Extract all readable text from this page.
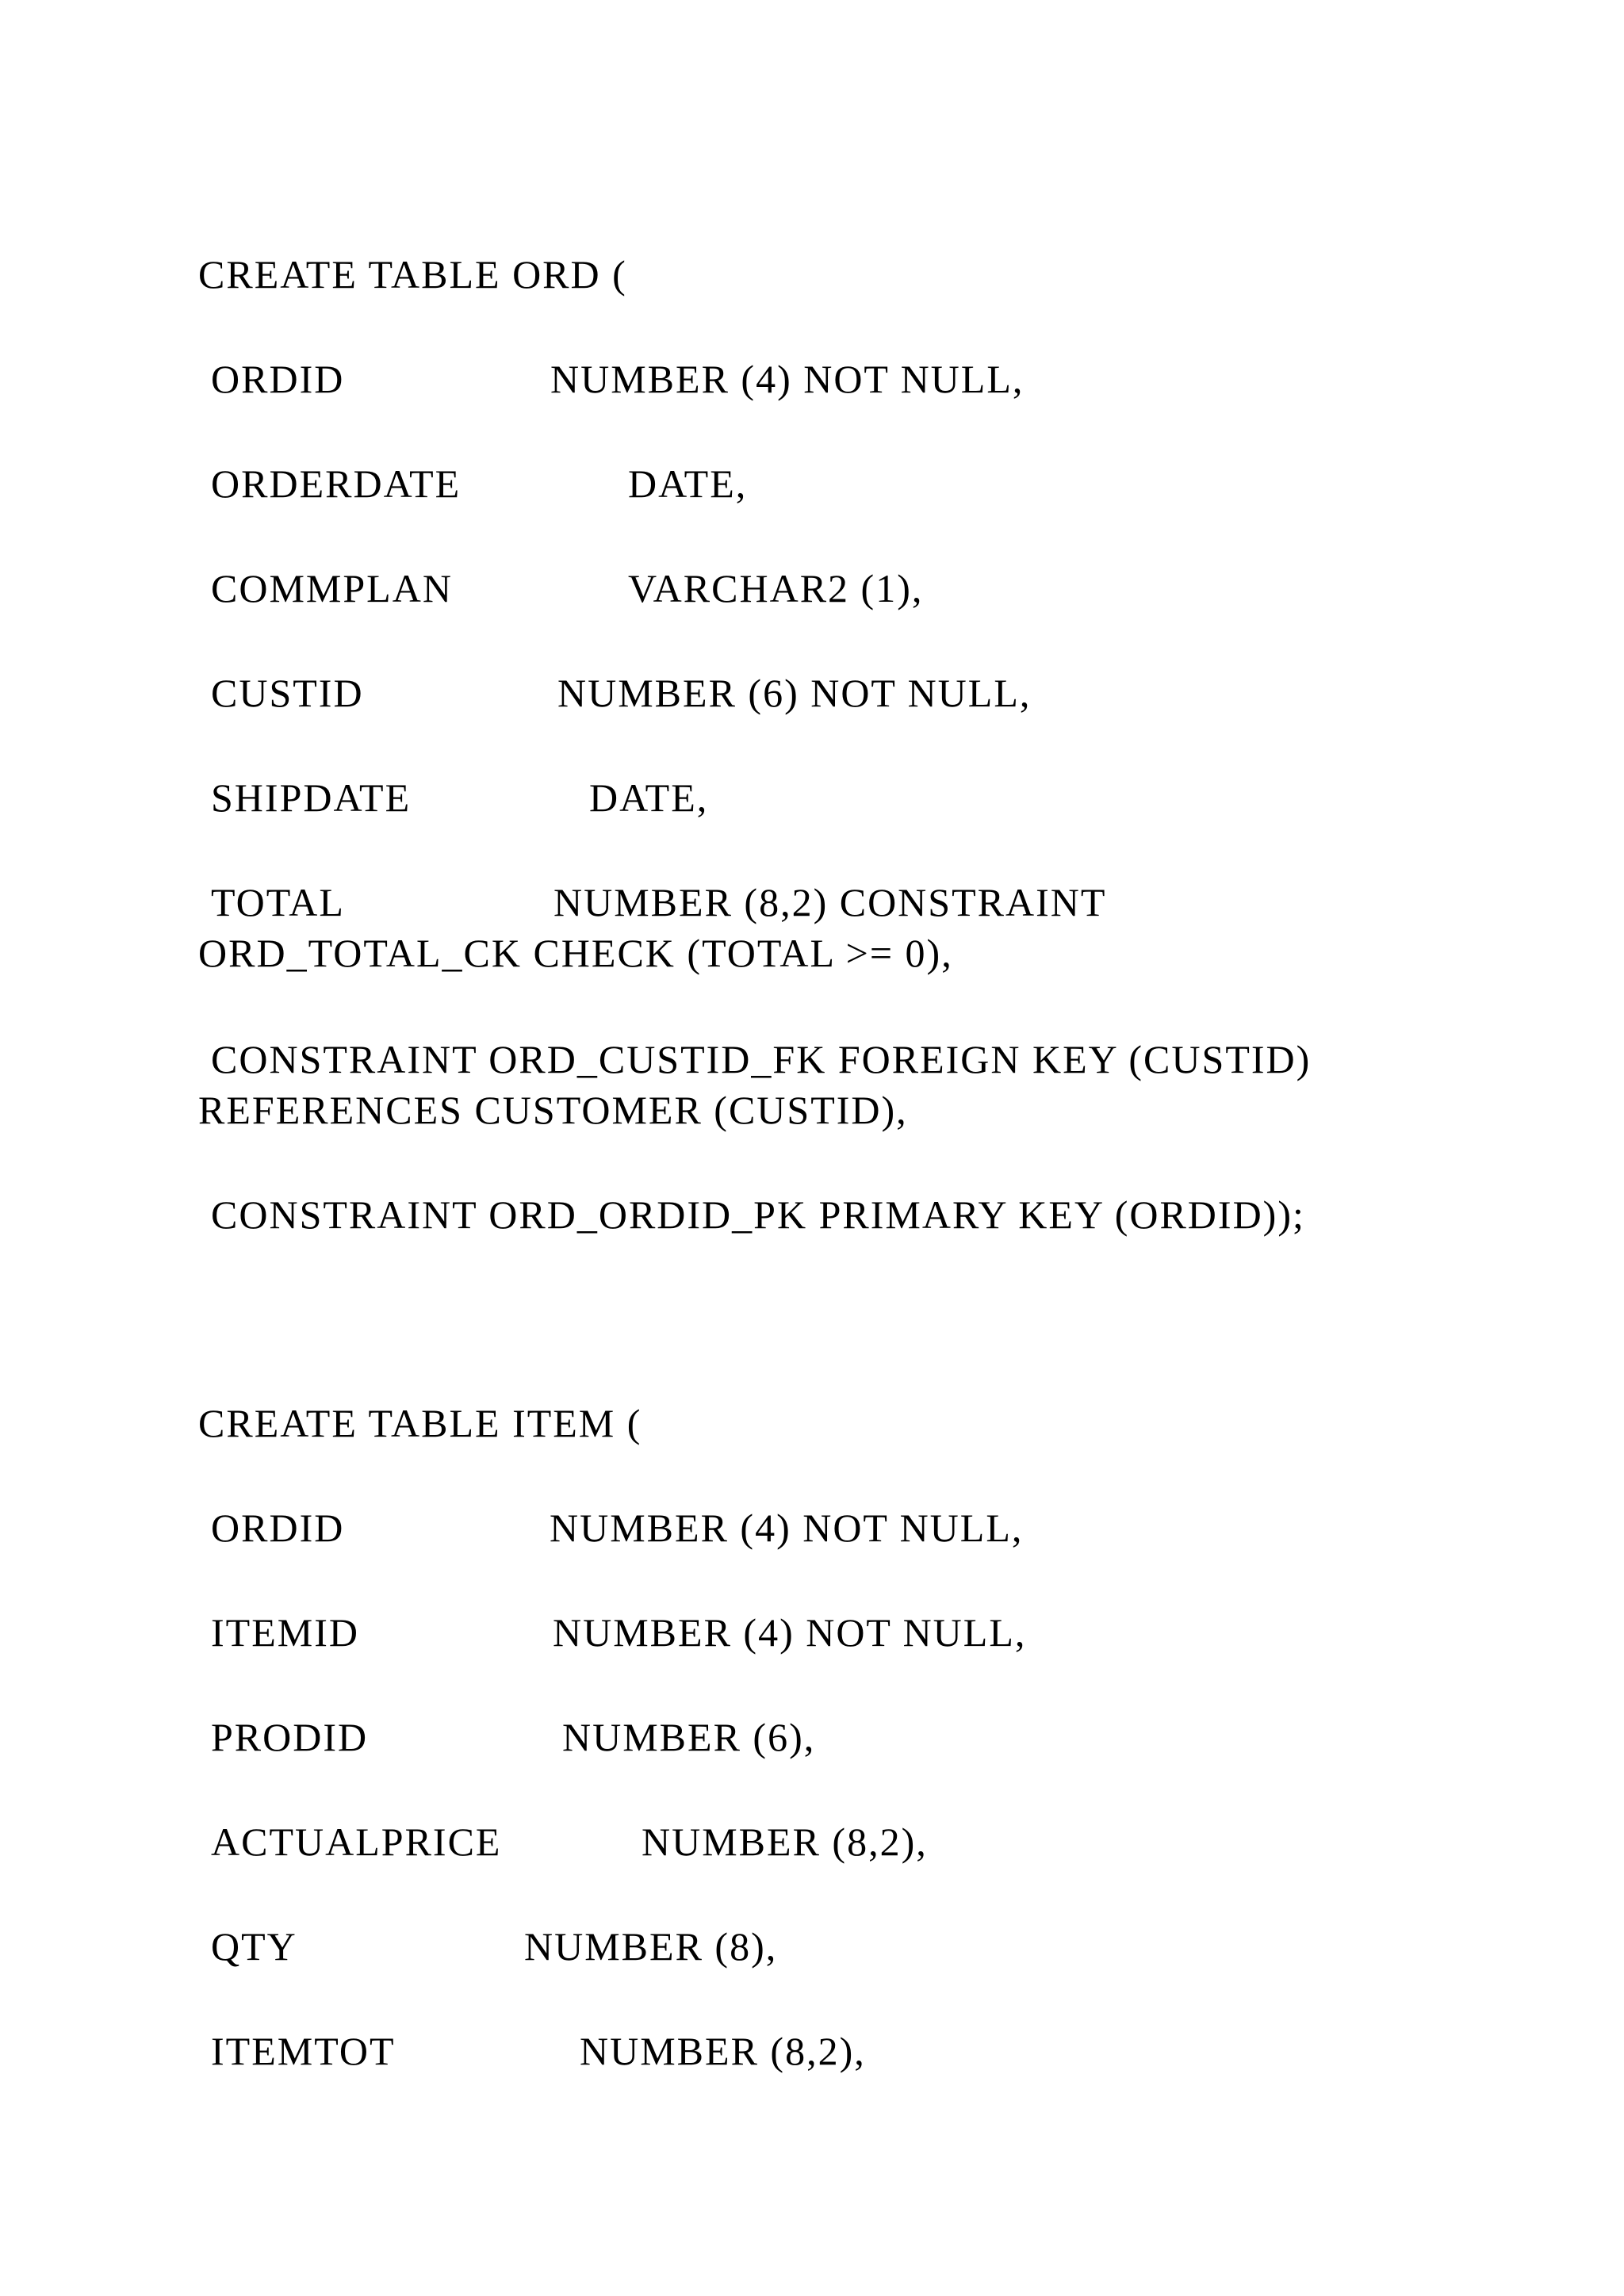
CREATE TABLE ORD (
ORDID	NUMBER (4) NOT NULL,
ORDERDATE	DATE,
COMMPLAN	VARCHAR2 (1),
CUSTID	NUMBER (6) NOT NULL,
SHIPDATE	DATE,
TOTAL	NUMBER (8,2) CONSTRAINT
ORD_TOTAL_CK CHECK (TOTAL >= 0),
CONSTRAINT ORD_CUSTID_FK FOREIGN KEY (CUSTID)
REFERENCES CUSTOMER (CUSTID),
CONSTRAINT ORD_ORDID_PK PRIMARY KEY (ORDID));
CREATE TABLE ITEM (
ORDID	NUMBER (4) NOT NULL,
ITEMID	NUMBER (4) NOT NULL,
PRODID	NUMBER (6),
ACTUALPRICE	NUMBER (8,2),
QTY	NUMBER (8),
ITEMTOT	NUMBER (8,2),
